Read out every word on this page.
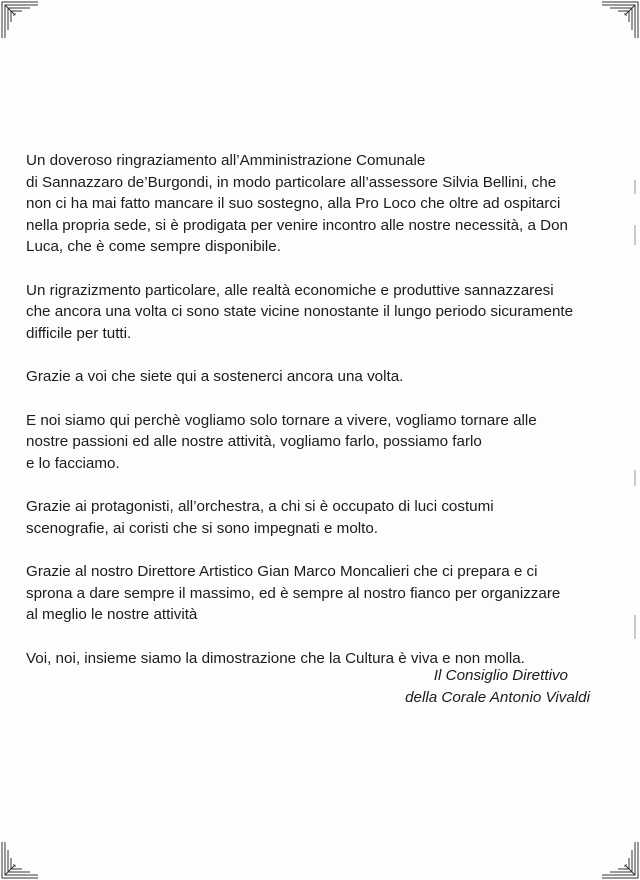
Un doveroso ringraziamento all’Amministrazione Comunale
di Sannazzaro de’Burgondi, in modo particolare all’assessore Silvia Bellini, che
non ci ha mai fatto mancare il suo sostegno, alla Pro Loco che oltre ad ospitarci
nella propria sede, si è prodigata per venire incontro alle nostre necessità, a Don
Luca, che è come sempre disponibile.

Un rigrazizmento particolare, alle realtà economiche e produttive sannazzaresi
che ancora una volta ci sono state vicine nonostante il lungo periodo sicuramente
difficile per tutti.

Grazie a voi che siete qui a sostenerci ancora una volta.

E noi siamo qui perchè vogliamo solo tornare a vivere, vogliamo tornare alle
nostre passioni ed alle nostre attività, vogliamo farlo, possiamo farlo
e lo facciamo.

Grazie ai protagonisti, all’orchestra, a chi si è occupato di luci costumi
scenografie, ai coristi che si sono impegnati e molto.

Grazie al nostro Direttore Artistico Gian Marco Moncalieri che ci prepara e ci
sprona a dare sempre il massimo, ed è sempre al nostro fianco per organizzare
al meglio le nostre attività

Voi, noi, insieme siamo la dimostrazione che la Cultura è viva e non molla.

Il Consiglio Direttivo
della Corale Antonio Vivaldi
